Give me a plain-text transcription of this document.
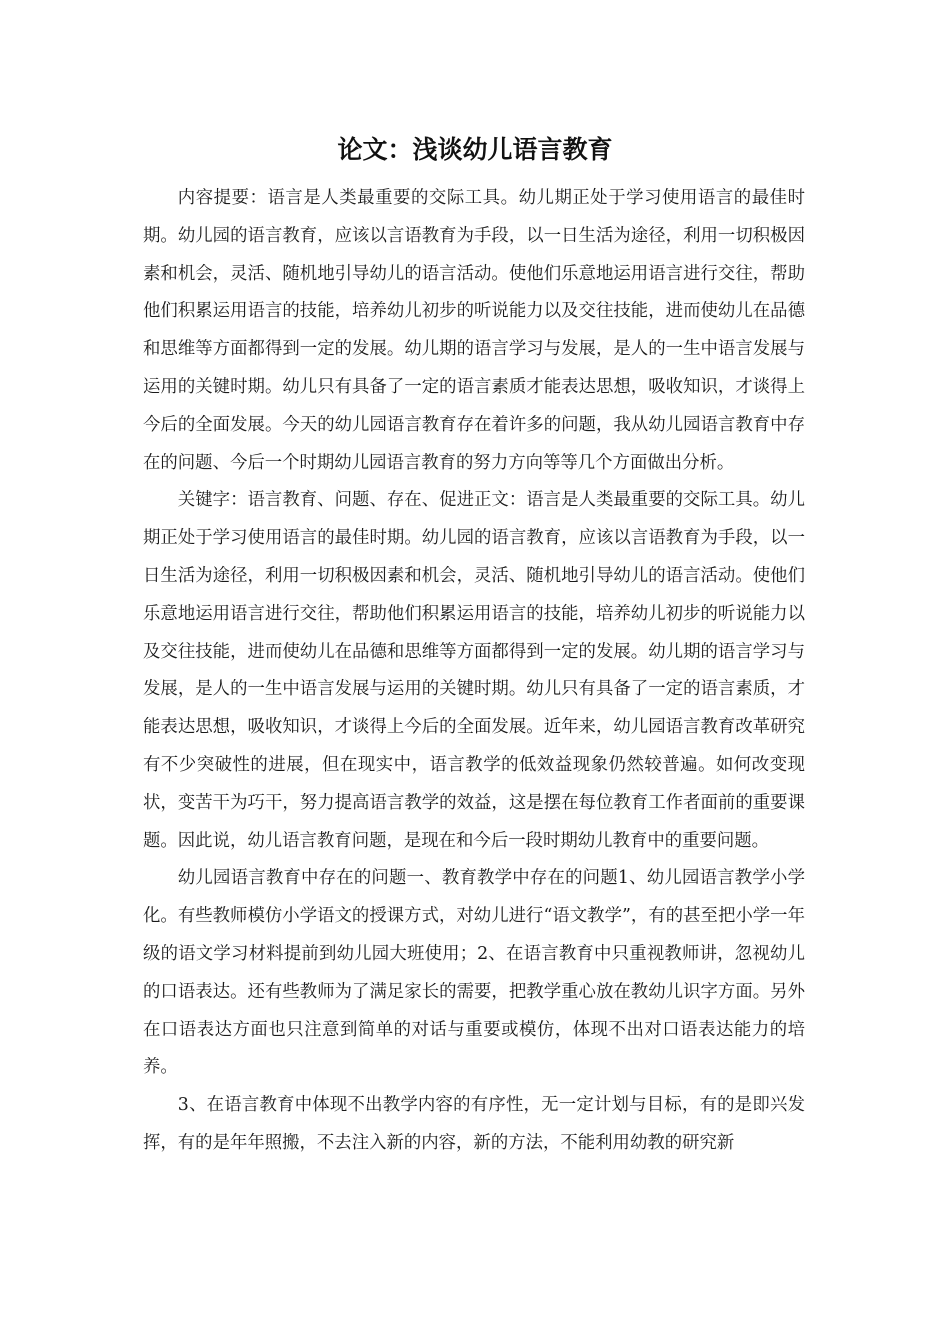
论文：浅谈幼儿语言教育

内容提要：语言是人类最重要的交际工具。幼儿期正处于学习使用语言的最佳时期。幼儿园的语言教育，应该以言语教育为手段，以一日生活为途径，利用一切积极因素和机会，灵活、随机地引导幼儿的语言活动。使他们乐意地运用语言进行交往，帮助他们积累运用语言的技能，培养幼儿初步的听说能力以及交往技能，进而使幼儿在品德和思维等方面都得到一定的发展。幼儿期的语言学习与发展，是人的一生中语言发展与运用的关键时期。幼儿只有具备了一定的语言素质才能表达思想，吸收知识，才谈得上今后的全面发展。今天的幼儿园语言教育存在着许多的问题，我从幼儿园语言教育中存在的问题、今后一个时期幼儿园语言教育的努力方向等等几个方面做出分析。

关键字：语言教育、问题、存在、促进正文：语言是人类最重要的交际工具。幼儿期正处于学习使用语言的最佳时期。幼儿园的语言教育，应该以言语教育为手段，以一日生活为途径，利用一切积极因素和机会，灵活、随机地引导幼儿的语言活动。使他们乐意地运用语言进行交往，帮助他们积累运用语言的技能，培养幼儿初步的听说能力以及交往技能，进而使幼儿在品德和思维等方面都得到一定的发展。幼儿期的语言学习与发展，是人的一生中语言发展与运用的关键时期。幼儿只有具备了一定的语言素质，才能表达思想，吸收知识，才谈得上今后的全面发展。近年来，幼儿园语言教育改革研究有不少突破性的进展，但在现实中，语言教学的低效益现象仍然较普遍。如何改变现状，变苦干为巧干，努力提高语言教学的效益，这是摆在每位教育工作者面前的重要课题。因此说，幼儿语言教育问题，是现在和今后一段时期幼儿教育中的重要问题。

幼儿园语言教育中存在的问题一、教育教学中存在的问题1、幼儿园语言教学小学化。有些教师模仿小学语文的授课方式，对幼儿进行“语文教学”，有的甚至把小学一年级的语文学习材料提前到幼儿园大班使用；2、在语言教育中只重视教师讲，忽视幼儿的口语表达。还有些教师为了满足家长的需要，把教学重心放在教幼儿识字方面。另外在口语表达方面也只注意到简单的对话与重要或模仿，体现不出对口语表达能力的培养。

3、在语言教育中体现不出教学内容的有序性，无一定计划与目标，有的是即兴发挥，有的是年年照搬，不去注入新的内容，新的方法，不能利用幼教的研究新
